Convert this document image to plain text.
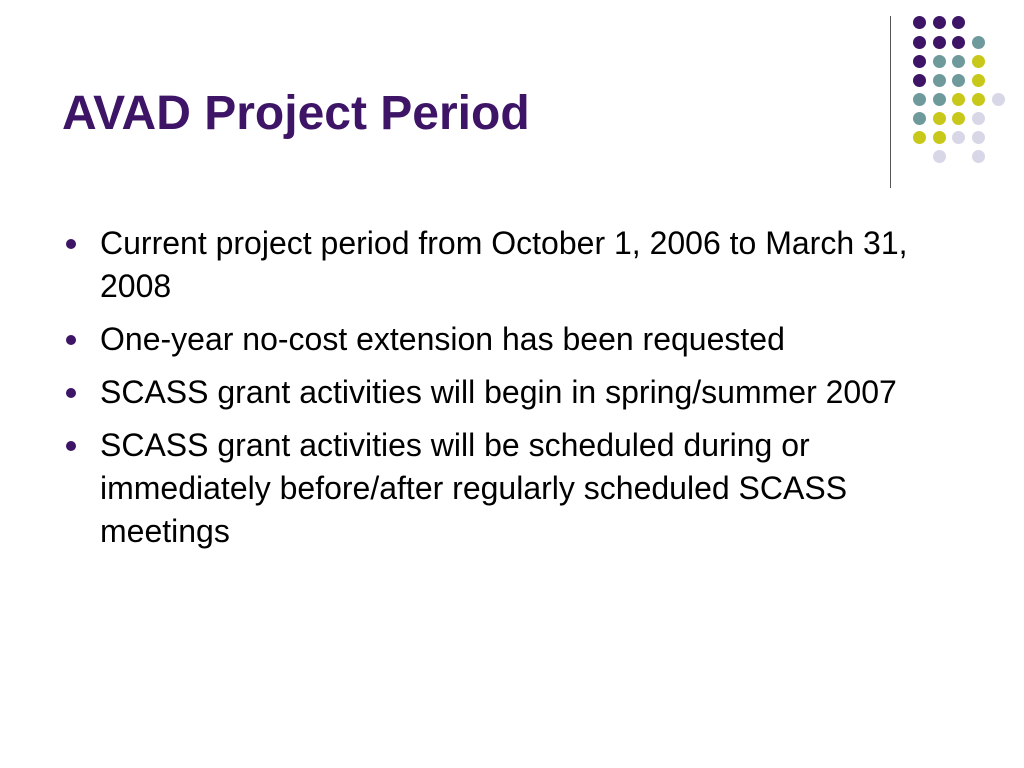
AVAD Project Period
Current project period from October 1, 2006 to March 31, 2008
One-year no-cost extension has been requested
SCASS grant activities will begin in spring/summer 2007
SCASS grant activities will be scheduled during or immediately before/after regularly scheduled SCASS meetings
